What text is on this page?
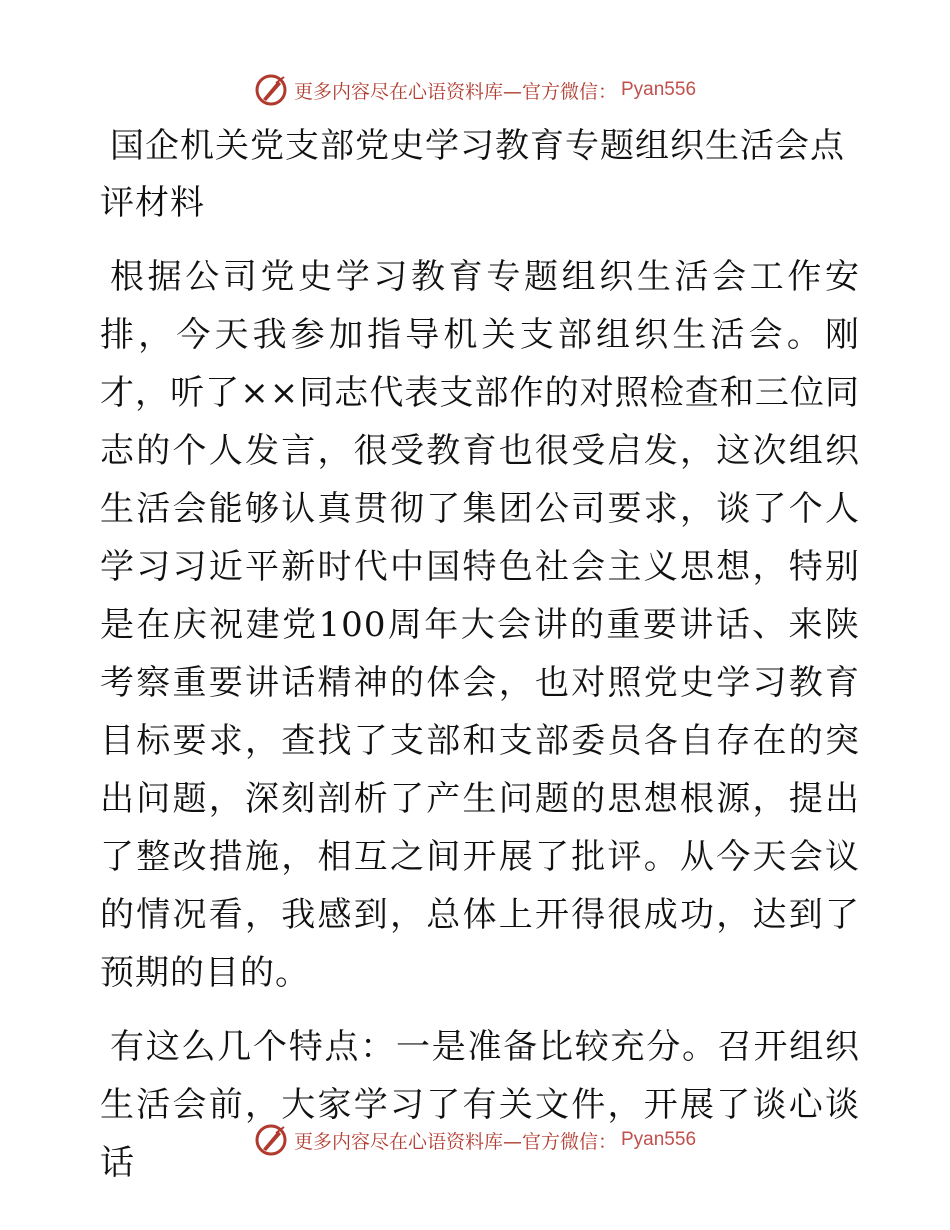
更多内容尽在心语资料库—官方微信： Pyan556
国企机关党支部党史学习教育专题组织生活会点评材料

根据公司党史学习教育专题组织生活会工作安排，今天我参加指导机关支部组织生活会。刚才，听了××同志代表支部作的对照检查和三位同志的个人发言，很受教育也很受启发，这次组织生活会能够认真贯彻了集团公司要求，谈了个人学习习近平新时代中国特色社会主义思想，特别是在庆祝建党100周年大会讲的重要讲话、来陕考察重要讲话精神的体会，也对照党史学习教育目标要求，查找了支部和支部委员各自存在的突出问题，深刻剖析了产生问题的思想根源，提出了整改措施，相互之间开展了批评。从今天会议的情况看，我感到，总体上开得很成功，达到了预期的目的。

有这么几个特点：一是准备比较充分。召开组织生活会前，大家学习了有关文件，开展了谈心谈话

更多内容尽在心语资料库—官方微信： Pyan556
